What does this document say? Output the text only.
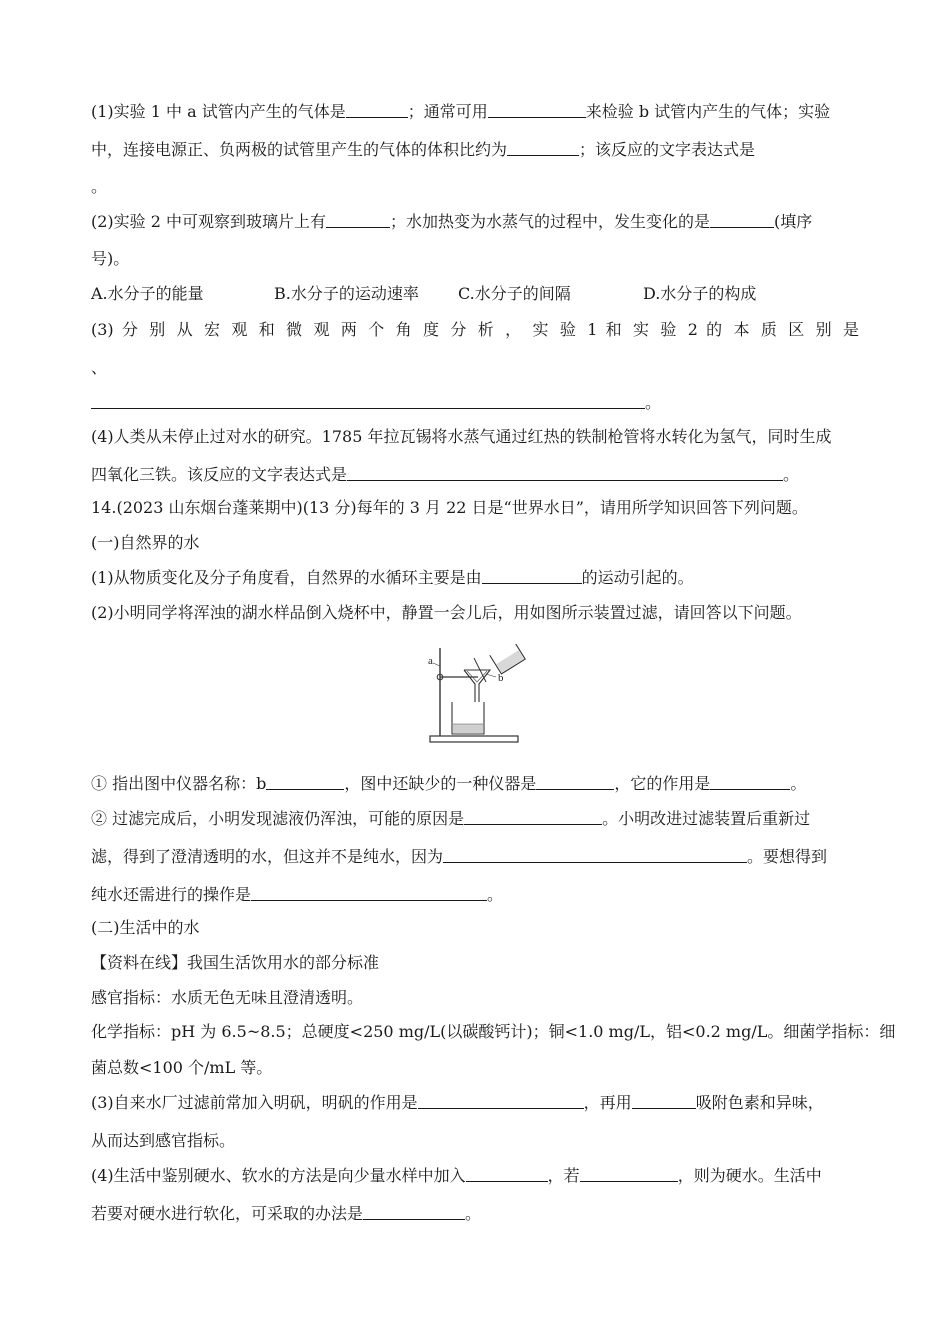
(1)实验 1 中 a 试管内产生的气体是	；通常可用	来检验 b 试管内产生的气体；实验
中，连接电源正、负两极的试管里产生的气体的体积比约为	；该反应的文字表达式是
。
(2)实验 2 中可观察到玻璃片上有	；水加热变为水蒸气的过程中，发生变化的是	(填序
号)。
A.水分子的能量	B.水分子的运动速率 C.水分子的间隔	D.水分子的构成
(3) 分 别 从 宏 观 和 微 观 两 个 角 度 分 析 ， 实 验 1 和 实 验 2 的 本 质 区 别 是
、
。
(4)人类从未停止过对水的研究。1785 年拉瓦锡将水蒸气通过红热的铁制枪管将水转化为氢气，同时生成
四氧化三铁。该反应的文字表达式是	。
14.(2023 山东烟台蓬莱期中)(13 分)每年的 3 月 22 日是“世界水日”，请用所学知识回答下列问题。
(一)自然界的水
(1)从物质变化及分子角度看，自然界的水循环主要是由	的运动引起的。
(2)小明同学将浑浊的湖水样品倒入烧杯中，静置一会儿后，用如图所示装置过滤，请回答以下问题。
a
b
① 指出图中仪器名称：b	，图中还缺少的一种仪器是	，它的作用是	。
② 过滤完成后，小明发现滤液仍浑浊，可能的原因是	。小明改进过滤装置后重新过
滤，得到了澄清透明的水，但这并不是纯水，因为	。要想得到
纯水还需进行的操作是	。
(二)生活中的水
【资料在线】我国生活饮用水的部分标准
感官指标：水质无色无味且澄清透明。
化学指标：pH 为 6.5~8.5；总硬度<250 mg/L(以碳酸钙计)；铜<1.0 mg/L，铝<0.2 mg/L。细菌学指标：细
菌总数<100 个/mL 等。
(3)自来水厂过滤前常加入明矾，明矾的作用是	，再用	吸附色素和异味，
从而达到感官指标。
(4)生活中鉴别硬水、软水的方法是向少量水样中加入	，若	，则为硬水。生活中
若要对硬水进行软化，可采取的办法是	。
